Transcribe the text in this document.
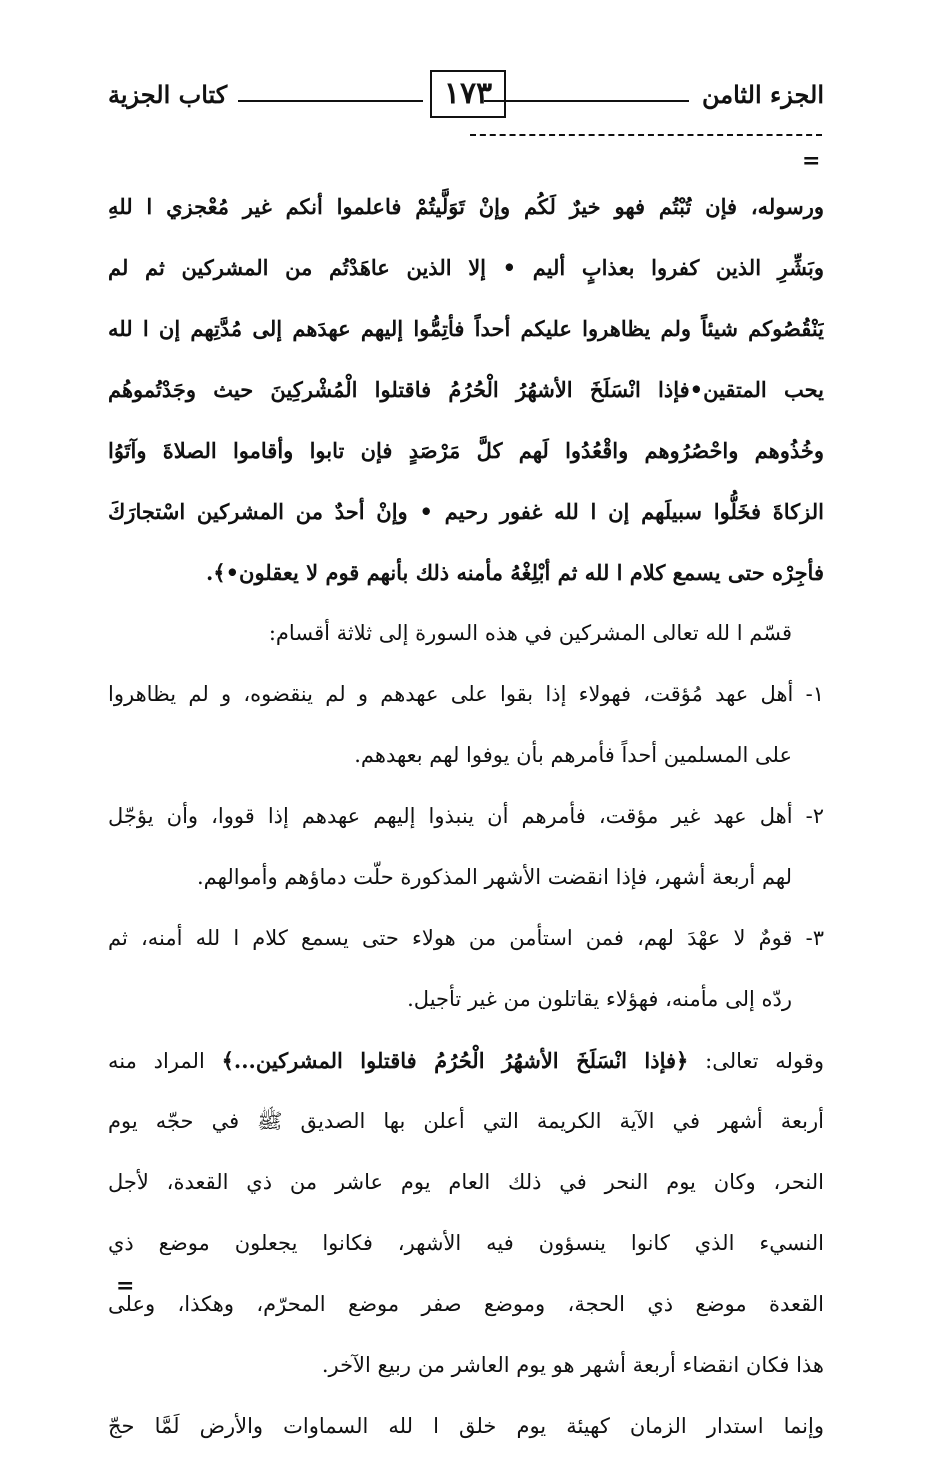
الجزء الثامن
١٧٣
كتاب الجزية
=
ورسوله، فإن تُبْتُم فهو خيرٌ لَكُم وإنْ تَوَلَّيتُمْ فاعلموا أنكم غير مُعْجزي ا للهِ
وبَشِّرِ الذين كفروا بعذابٍ أليم • إلا الذين عاهَدْتُم من المشركين ثم لم
يَنْقُصُوكم شيئاً ولم يظاهروا عليكم أحداً فأتِمُّوا إليهم عهدَهم إلى مُدَّتِهم إن ا لله
يحب المتقين•فإذا انْسَلَخَ الأشهُرُ الْحُرُمُ فاقتلوا الْمُشْركِينَ حيث وجَدْتُموهُم
وخُذُوهم واحْصُرُوهم واقْعُدُوا لَهم كلَّ مَرْصَدٍ فإن تابوا وأقاموا الصلاةَ وآتَوُا
الزكاةَ فخَلُّوا سبيلَهم إن ا لله غفور رحيم • وإنْ أحدٌ من المشركين اسْتجارَكَ
فأجِرْه حتى يسمع كلام ا لله ثم أبْلِغْهُ مأمنه ذلك بأنهم قوم لا يعقلون•﴾.
قسّم ا لله تعالى المشركين في هذه السورة إلى ثلاثة أقسام:
١- أهل عهد مُؤقت، فهولاء إذا بقوا على عهدهم و لم ينقضوه، و لم يظاهروا
على المسلمين أحداً فأمرهم بأن يوفوا لهم بعهدهم.
٢- أهل عهد غير مؤقت، فأمرهم أن ينبذوا إليهم عهدهم إذا قووا، وأن يؤجّل
لهم أربعة أشهر، فإذا انقضت الأشهر المذكورة حلّت دماؤهم وأموالهم.
٣- قومٌ لا عهْدَ لهم، فمن استأمن من هولاء حتى يسمع كلام ا لله أمنه، ثم
ردّه إلى مأمنه، فهؤلاء يقاتلون من غير تأجيل.
وقوله تعالى: ﴿فإذا انْسَلَخَ الأشهُرُ الْحُرُمُ فاقتلوا المشركين...﴾ المراد منه
أربعة أشهر في الآية الكريمة التي أعلن بها الصديق ﷺ في حجّه يوم
النحر، وكان يوم النحر في ذلك العام يوم عاشر من ذي القعدة، لأجل
النسيء الذي كانوا ينسؤون فيه الأشهر، فكانوا يجعلون موضع ذي
القعدة موضع ذي الحجة، وموضع صفر موضع المحرّم، وهكذا، وعلى
هذا فكان انقضاء أربعة أشهر هو يوم العاشر من ربيع الآخر.
وإنما استدار الزمان كهيئة يوم خلق ا لله السماوات والأرض لَمَّا حجّ
=
